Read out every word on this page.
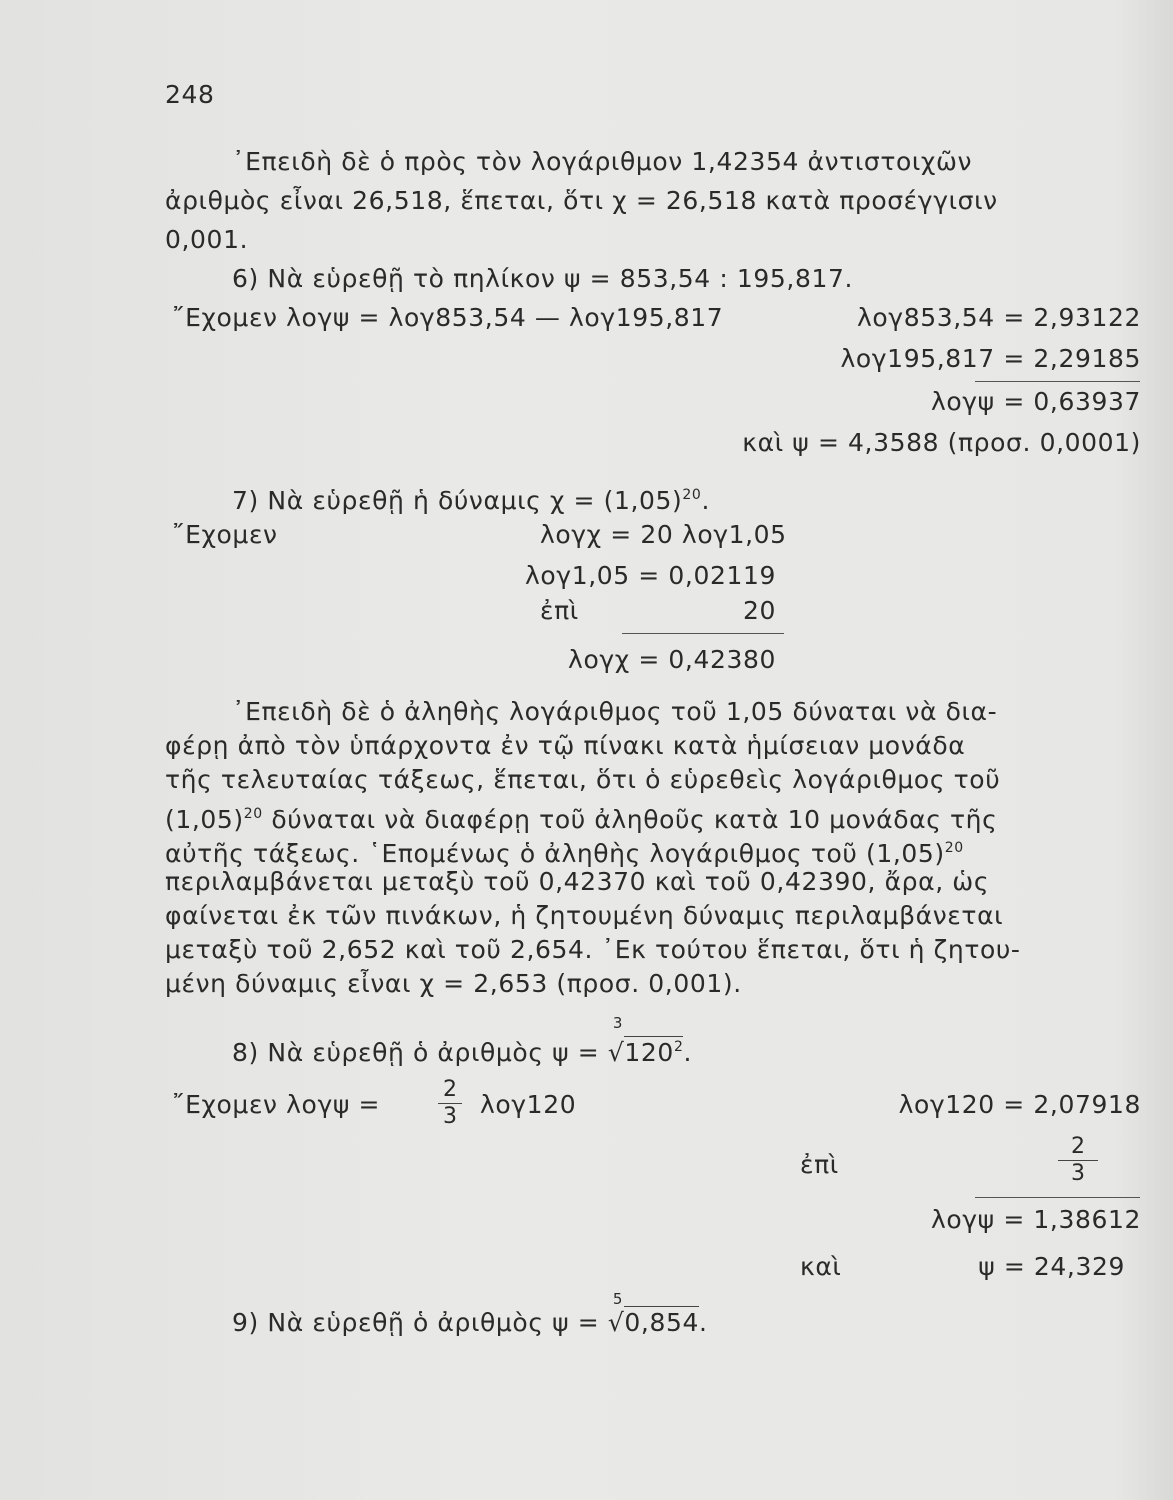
248
᾿Επειδὴ δὲ ὁ πρὸς τὸν λογάριθμον 1,42354 ἀντιστοιχῶν
ἀριθμὸς εἶναι 26,518, ἕπεται, ὅτι χ = 26,518 κατὰ προσέγγισιν
0,001.
6) Νὰ εὑρεθῇ τὸ πηλίκον ψ = 853,54 : 195,817.
῎Εχομεν λογψ = λογ853,54 — λογ195,817	λογ853,54 = 2,93122
λογ195,817 = 2,29185
λογψ = 0,63937
καὶ ψ = 4,3588 (προσ. 0,0001)
7) Νὰ εὑρεθῇ ἡ δύναμις $\chi = (1,05)^{20}$.
῎Εχομεν	λογχ = 20 λογ1,05
λογ1,05 = 0,02119
ἐπὶ	20
λογχ = 0,42380
᾿Επειδὴ δὲ ὁ ἀληθὴς λογάριθμος τοῦ 1,05 δύναται νὰ δια-
φέρῃ ἀπὸ τὸν ὑπάρχοντα ἐν τῷ πίνακι κατὰ ἡμίσειαν μονάδα
τῆς τελευταίας τάξεως, ἕπεται, ὅτι ὁ εὑρεθεὶς λογάριθμος τοῦ
$(1,05)^{20}$ δύναται νὰ διαφέρῃ τοῦ ἀληθοῦς κατὰ 10 μονάδας τῆς
αὐτῆς τάξεως. ῾Επομένως ὁ ἀληθὴς λογάριθμος τοῦ $(1,05)^{20}$
περιλαμβάνεται μεταξὺ τοῦ 0,42370 καὶ τοῦ 0,42390, ἄρα, ὡς
φαίνεται ἐκ τῶν πινάκων, ἡ ζητουμένη δύναμις περιλαμβάνεται
μεταξὺ τοῦ 2,652 καὶ τοῦ 2,654. ᾿Εκ τούτου ἕπεται, ὅτι ἡ ζητου-
μένη δύναμις εἶναι χ = 2,653 (προσ. 0,001).
8) Νὰ εὑρεθῇ ὁ ἀριθμὸς ψ =
3
$√120^2$.
῎Εχομεν λογψ =
2
3 λογ120	λογ120 = 2,07918
ἐπὶ
2
3
λογψ = 1,38612
καὶ	ψ = 24,329
9) Νὰ εὑρεθῇ ὁ ἀριθμὸς ψ =
5
√0,854.
